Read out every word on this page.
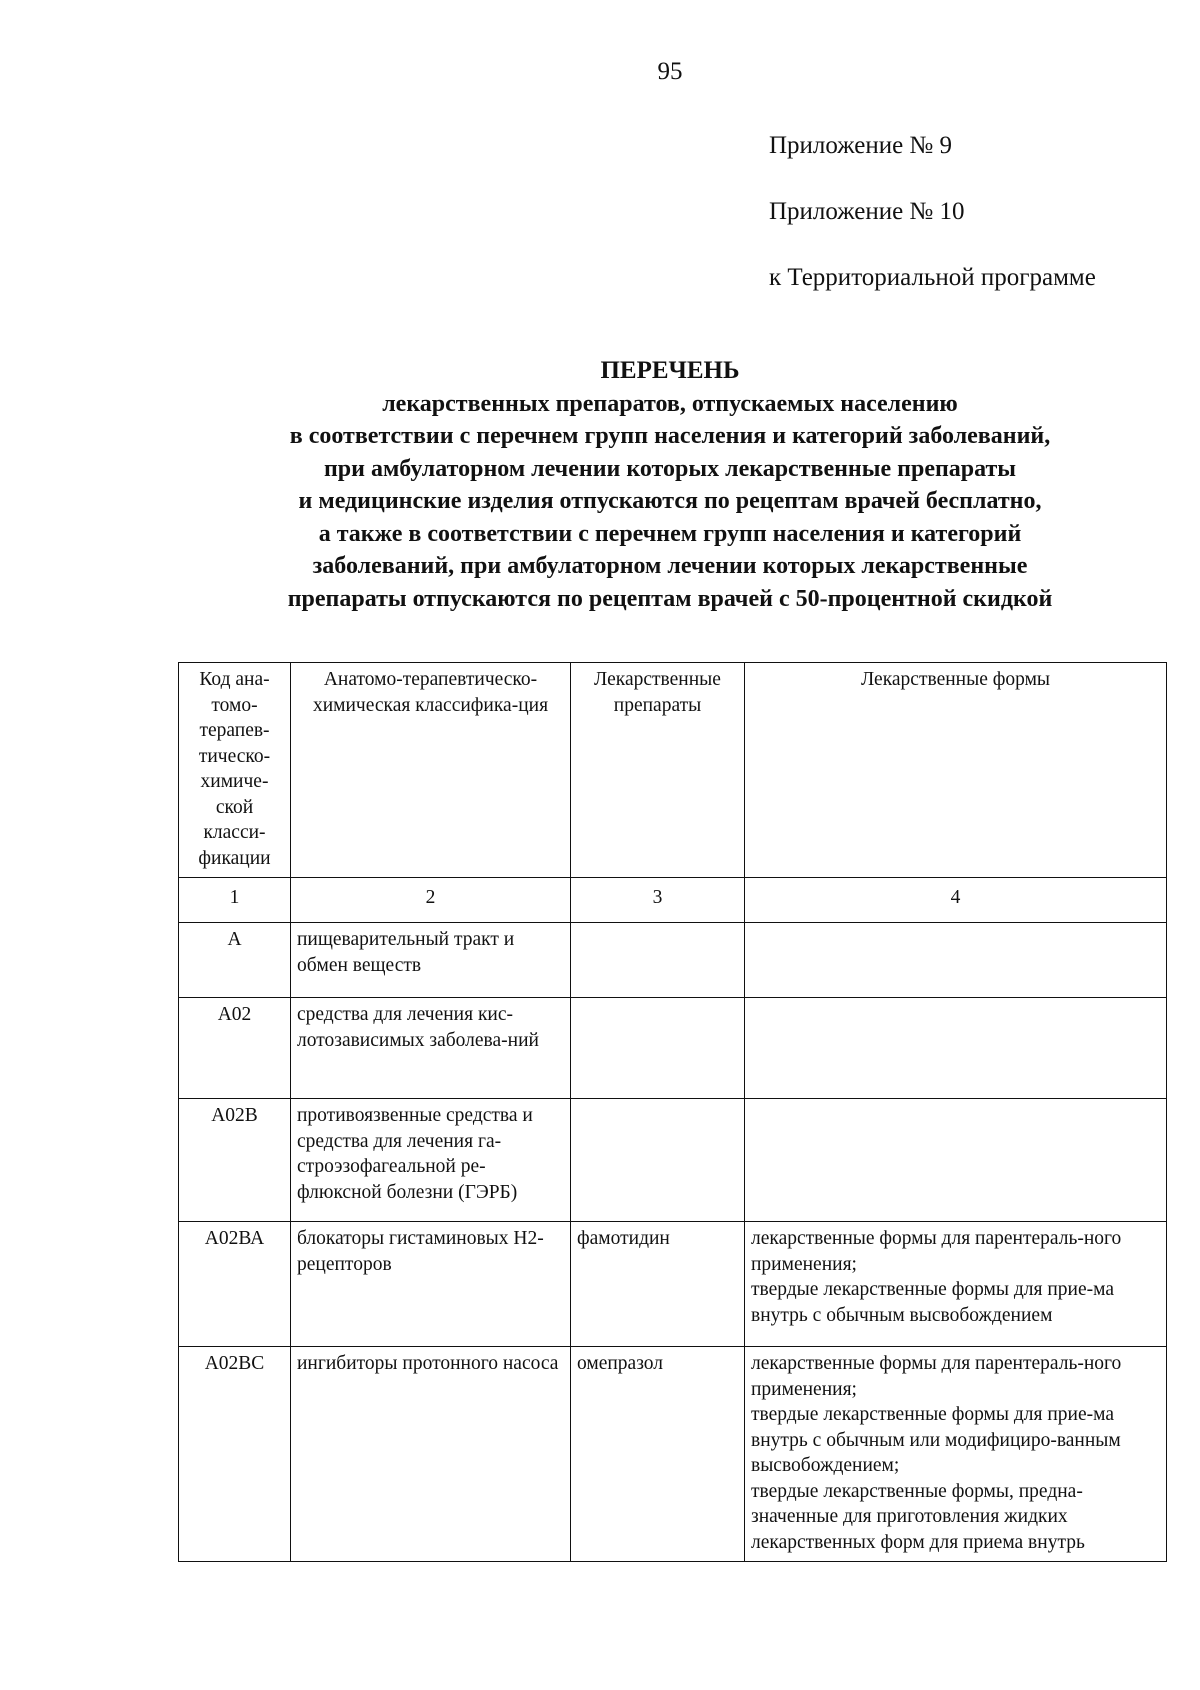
95
Приложение № 9
Приложение № 10
к Территориальной программе
ПЕРЕЧЕНЬ
лекарственных препаратов, отпускаемых населению
в соответствии с перечнем групп населения и категорий заболеваний,
при амбулаторном лечении которых лекарственные препараты
и медицинские изделия отпускаются по рецептам врачей бесплатно,
а также в соответствии с перечнем групп населения и категорий
заболеваний, при амбулаторном лечении которых лекарственные
препараты отпускаются по рецептам врачей с 50-процентной скидкой
Код ана-томо-терапев-тическо-химиче-ской класси-фикации	Анатомо-терапевтическо-химическая классифика-ция	Лекарственные препараты	Лекарственные формы
1	2	3	4
А	пищеварительный тракт и обмен веществ		
А02	средства для лечения кис-лотозависимых заболева-ний		
А02В	противоязвенные средства и средства для лечения га-строэзофагеальной ре-флюксной болезни (ГЭРБ)		
А02ВА	блокаторы гистаминовых Н2-рецепторов	фамотидин	лекарственные формы для парентераль-ного применения;
твердые лекарственные формы для прие-ма внутрь с обычным высвобождением

А02ВС	ингибиторы протонного насоса	омепразол	лекарственные формы для парентераль-ного применения;
твердые лекарственные формы для прие-ма внутрь с обычным или модифициро-ванным высвобождением;
твердые лекарственные формы, предна-значенные для приготовления жидких лекарственных форм для приема внутрь
